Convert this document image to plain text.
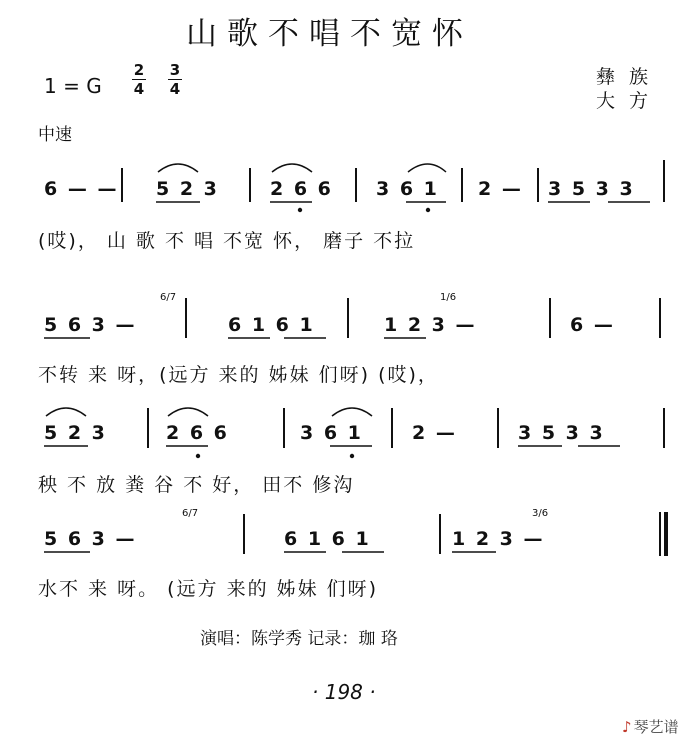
山歌不唱不宽怀
1 = G
2
4
3
4
彝族
大方
中速
6 — — 5 2 3	2 6 6 3 6 1 2 — 3 5 3 3
(哎)， 山 歌 不 唱 不宽 怀， 磨子 不拉
5 6 3 —	6 1 6 1	1 2 3 —	6 —
不转 来 呀，(远方 来的 姊妹 们呀) (哎)，
5 2 3	2 6 6	3 6 1	2 —	3 5 3 3
秧 不 放 粪 谷 不 好， 田不 修沟
5 6 3 —	6 1 6 1	1 2 3 —
水不 来 呀。 (远方 来的 姊妹 们呀)
6/7	1/6
6/7	3/6
演唱：陈学秀 记录：珈 珞
· 198 ·
♪ 琴艺谱
